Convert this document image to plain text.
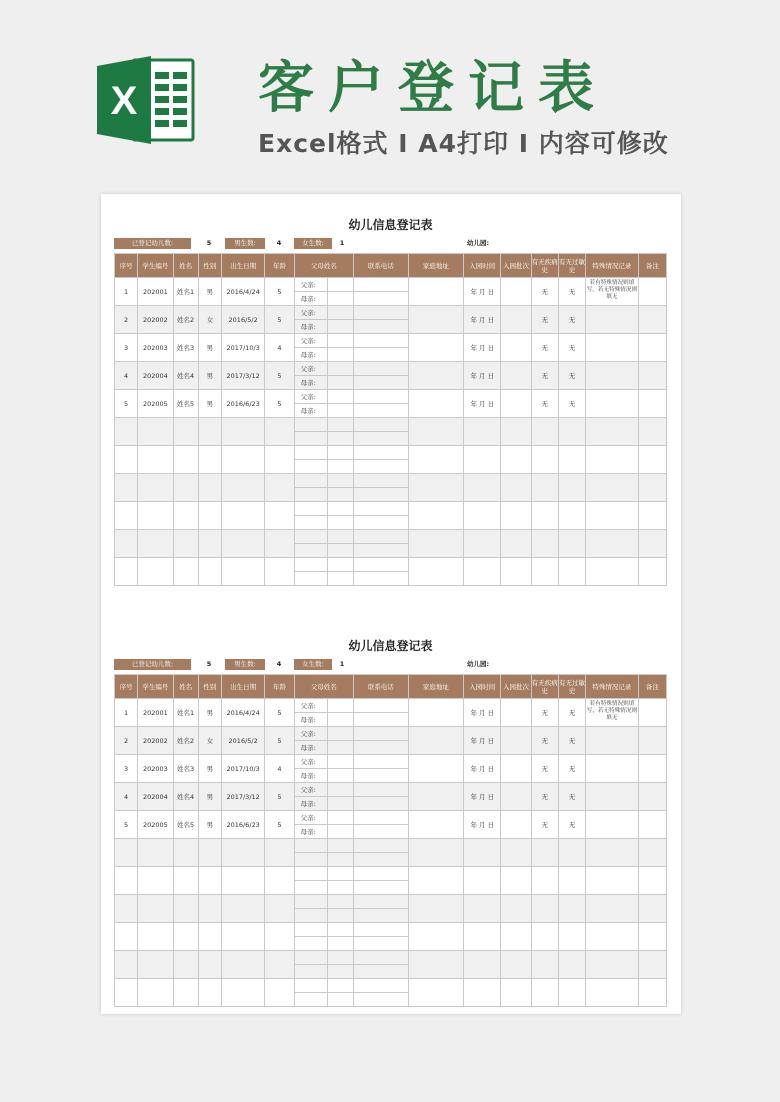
X 客户登记表
Excel格式 I A4打印 I 内容可修改
幼儿信息登记表
已登记幼儿数:	5	男生数:	4	女生数:	1	幼儿园:
序号	学生编号	姓名	性别	出生日期	年龄	父母姓名		联系电话	家庭地址	入园时间	入园批次	有无疾病史	有无过敏史	特殊情况记录	备注
1	202001	姓名1	男	2016/4/24	5	父亲:				年 月 日		无	无	若有特殊情况则填写，若无特殊情况则填无	
						母亲:									
2	202002	姓名2	女	2016/5/2	5	父亲:				年 月 日		无	无		
						母亲:									
3	202003	姓名3	男	2017/10/3	4	父亲:				年 月 日		无	无		
						母亲:									
4	202004	姓名4	男	2017/3/12	5	父亲:				年 月 日		无	无		
						母亲:									
5	202005	姓名5	男	2016/6/23	5	父亲:				年 月 日		无	无		
						母亲:									

幼儿信息登记表
已登记幼儿数:	5	男生数:	4	女生数:	1	幼儿园:
序号	学生编号	姓名	性别	出生日期	年龄	父母姓名		联系电话	家庭地址	入园时间	入园批次	有无疾病史	有无过敏史	特殊情况记录	备注
1	202001	姓名1	男	2016/4/24	5	父亲:				年 月 日		无	无	若有特殊情况则填写，若无特殊情况则填无	
						母亲:									
2	202002	姓名2	女	2016/5/2	5	父亲:				年 月 日		无	无		
						母亲:									
3	202003	姓名3	男	2017/10/3	4	父亲:				年 月 日		无	无		
						母亲:									
4	202004	姓名4	男	2017/3/12	5	父亲:				年 月 日		无	无		
						母亲:									
5	202005	姓名5	男	2016/6/23	5	父亲:				年 月 日		无	无		
						母亲:									
